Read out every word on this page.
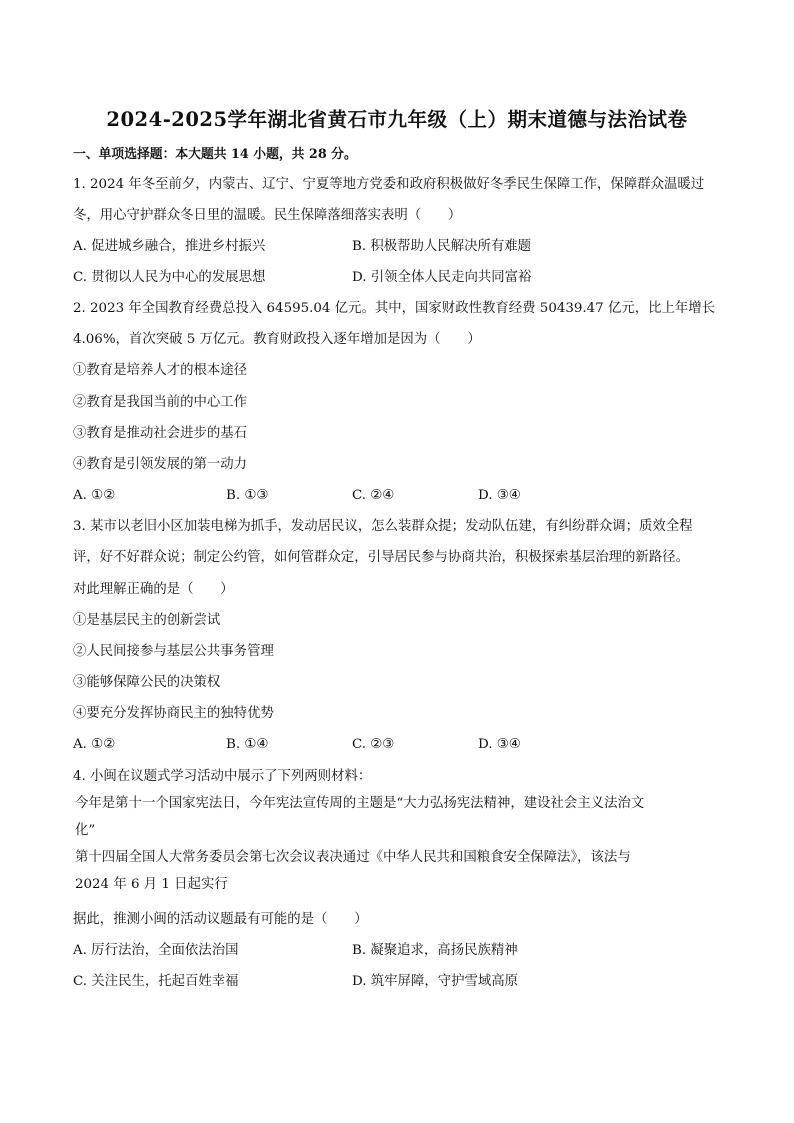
2024-2025学年湖北省黄石市九年级（上）期末道德与法治试卷
一、单项选择题：本大题共 14 小题，共 28 分。
1. 2024 年冬至前夕，内蒙古、辽宁、宁夏等地方党委和政府积极做好冬季民生保障工作，保障群众温暖过
冬，用心守护群众冬日里的温暖。民生保障落细落实表明（　　）
A. 促进城乡融合，推进乡村振兴	B. 积极帮助人民解决所有难题
C. 贯彻以人民为中心的发展思想	D. 引领全体人民走向共同富裕
2. 2023 年全国教育经费总投入 64595.04 亿元。其中，国家财政性教育经费 50439.47 亿元，比上年增长
4.06%，首次突破 5 万亿元。教育财政投入逐年增加是因为（　　）
①教育是培养人才的根本途径
②教育是我国当前的中心工作
③教育是推动社会进步的基石
④教育是引领发展的第一动力
A. ①②	B. ①③	C. ②④	D. ③④
3. 某市以老旧小区加装电梯为抓手，发动居民议，怎么装群众提；发动队伍建，有纠纷群众调；质效全程
评，好不好群众说；制定公约管，如何管群众定，引导居民参与协商共治，积极探索基层治理的新路径。
对此理解正确的是（　　）
①是基层民主的创新尝试
②人民间接参与基层公共事务管理
③能够保障公民的决策权
④要充分发挥协商民主的独特优势
A. ①②	B. ①④	C. ②③	D. ③④
4. 小闽在议题式学习活动中展示了下列两则材料：
今年是第十一个国家宪法日，今年宪法宣传周的主题是“大力弘扬宪法精神，建设社会主义法治文
化”
第十四届全国人大常务委员会第七次会议表决通过《中华人民共和国粮食安全保障法》，该法与
2024 年 6 月 1 日起实行
据此，推测小闽的活动议题最有可能的是（　　）
A. 厉行法治，全面依法治国	B. 凝聚追求，高扬民族精神
C. 关注民生，托起百姓幸福	D. 筑牢屏障，守护雪域高原
